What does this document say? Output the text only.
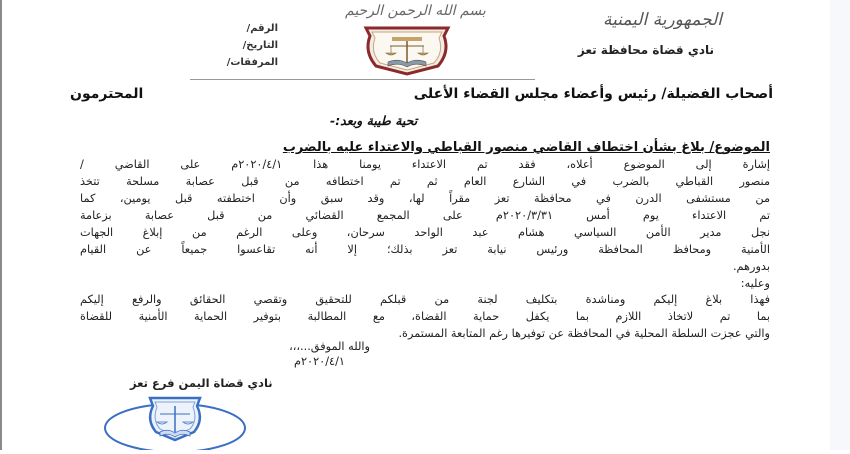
الجمهورية اليمنية
نادي قضاة محافظة تعز
بسم الله الرحمن الرحيم
الرقم/
التاريخ/
المرفقات/
أصحاب الفضيلة/ رئيس وأعضاء مجلس القضاء الأعلى
المحترمون
تحية طيبة وبعد:-
الموضوع/ بلاغ بشأن اختطاف القاضي منصور القباطي والاعتداء عليه بالضرب
إشارة إلى الموضوع أعلاه، فقد تم الاعتداء يومنا هذا ٢٠٢٠/٤/١م على القاضي /
منصور القباطي بالضرب في الشارع العام ثم تم اختطافه من قبل عصابة مسلحة تتخذ
من مستشفى الدرن في محافظة تعز مقراً لها، وقد سبق وأن اختطفته قبل يومين، كما
تم الاعتداء يوم أمس ٢٠٢٠/٣/٣١م على المجمع القضائي من قبل عصابة بزعامة
نجل مدير الأمن السياسي هشام عبد الواحد سرحان، وعلى الرغم من إبلاغ الجهات
الأمنية ومحافظ المحافظة ورئيس نيابة تعز بذلك؛ إلا أنه تقاعسوا جميعاً عن القيام
بدورهم.
وعليه:
فهذا بلاغ إليكم ومناشدة بتكليف لجنة من قبلكم للتحقيق وتقصي الحقائق والرفع إليكم
بما تم لاتخاذ اللازم بما يكفل حماية القضاة، مع المطالبة بتوفير الحماية الأمنية للقضاة
والتي عجزت السلطة المحلية في المحافظة عن توفيرها رغم المتابعة المستمرة.
والله الموفق...،،،
٢٠٢٠/٤/١م
نادي قضاة اليمن فرع تعز
